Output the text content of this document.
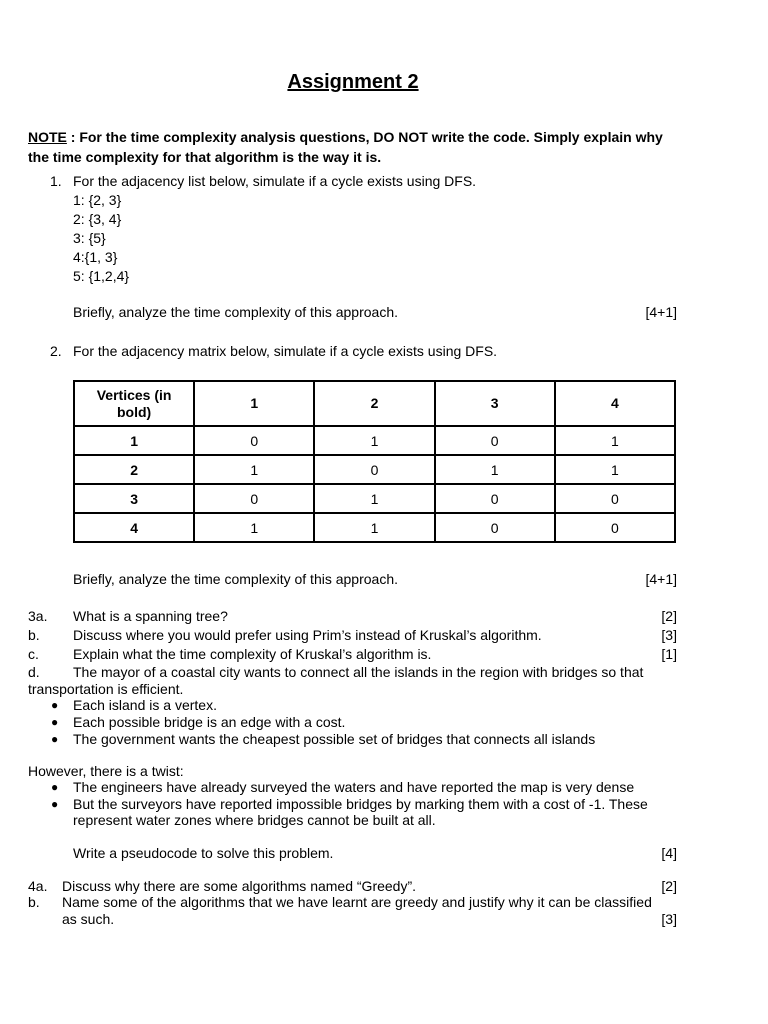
Assignment 2
NOTE : For the time complexity analysis questions, DO NOT write the code. Simply explain why the time complexity for that algorithm is the way it is.
1. For the adjacency list below, simulate if a cycle exists using DFS.
1: {2, 3}
2: {3, 4}
3: {5}
4:{1, 3}
5: {1,2,4}
Briefly, analyze the time complexity of this approach.	[4+1]
2. For the adjacency matrix below, simulate if a cycle exists using DFS.
Vertices (in bold)	1	2	3	4
1	0	1	0	1
2	1	0	1	1
3	0	1	0	0
4	1	1	0	0
Briefly, analyze the time complexity of this approach.	[4+1]
3a. What is a spanning tree?	[2]
b. Discuss where you would prefer using Prim’s instead of Kruskal’s algorithm.	[3]
c. Explain what the time complexity of Kruskal’s algorithm is.	[1]
d. The mayor of a coastal city wants to connect all the islands in the region with bridges so that
transportation is efficient.
● Each island is a vertex.
● Each possible bridge is an edge with a cost.
● The government wants the cheapest possible set of bridges that connects all islands
However, there is a twist:
● The engineers have already surveyed the waters and have reported the map is very dense
● But the surveyors have reported impossible bridges by marking them with a cost of -1. These
represent water zones where bridges cannot be built at all.
Write a pseudocode to solve this problem.	[4]
4a. Discuss why there are some algorithms named “Greedy”.	[2]
b. Name some of the algorithms that we have learnt are greedy and justify why it can be classified
as such.	[3]
